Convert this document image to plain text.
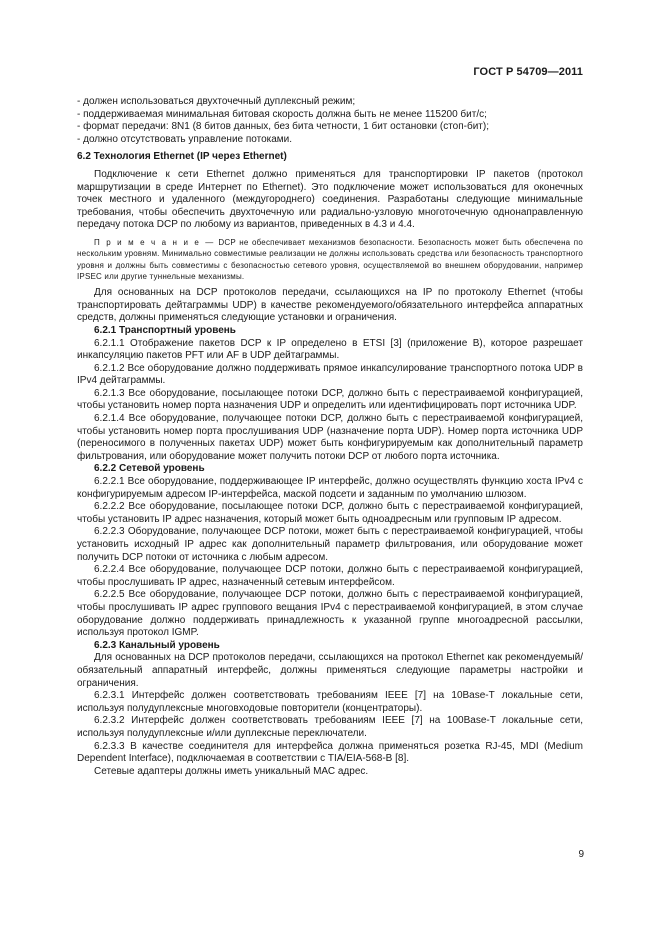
ГОСТ Р 54709—2011

- должен использоваться двухточечный дуплексный режим;

- поддерживаемая минимальная битовая скорость должна быть не менее 115200 бит/с;

- формат передачи: 8N1 (8 битов данных, без бита четности, 1 бит остановки (стоп-бит);

- должно отсутствовать управление потоками.

6.2 Технология Ethernet (IP через Ethernet)

Подключение к сети Ethernet должно применяться для транспортировки IP пакетов (протокол маршрутизации в среде Интернет по Ethernet). Это подключение может использоваться для оконечных точек местного и удаленного (междугороднего) соединения. Разработаны следующие минимальные требования, чтобы обеспечить двухточечную или радиально-узловую многоточечную однонаправленную передачу потока DCP по любому из вариантов, приведенных в 4.3 и 4.4.

П р и м е ч а н и е — DCP не обеспечивает механизмов безопасности. Безопасность может быть обеспечена по нескольким уровням. Минимально совместимые реализации не должны использовать средства или безопасность транспортного уровня и должны быть совместимы с безопасностью сетевого уровня, осуществляемой во внешнем оборудовании, например IPSEC или другие туннельные механизмы.

Для основанных на DCP протоколов передачи, ссылающихся на IP по протоколу Ethernet (чтобы транспортировать дейтаграммы UDP) в качестве рекомендуемого/обязательного интерфейса аппаратных средств, должны применяться следующие установки и ограничения.

6.2.1 Транспортный уровень

6.2.1.1 Отображение пакетов DCP к IP определено в ETSI [3] (приложение B), которое разрешает инкапсуляцию пакетов PFT или AF в UDP дейтаграммы.

6.2.1.2 Все оборудование должно поддерживать прямое инкапсулирование транспортного потока UDP в IPv4 дейтаграммы.

6.2.1.3 Все оборудование, посылающее потоки DCP, должно быть с перестраиваемой конфигурацией, чтобы установить номер порта назначения UDP и определить или идентифицировать порт источника UDP.

6.2.1.4 Все оборудование, получающее потоки DCP, должно быть с перестраиваемой конфигурацией, чтобы установить номер порта прослушивания UDP (назначение порта UDP). Номер порта источника UDP (переносимого в полученных пакетах UDP) может быть конфигурируемым как дополнительный параметр фильтрования, или оборудование может получить потоки DCP от любого порта источника.

6.2.2 Сетевой уровень

6.2.2.1 Все оборудование, поддерживающее IP интерфейс, должно осуществлять функцию хоста IPv4 с конфигурируемым адресом IP-интерфейса, маской подсети и заданным по умолчанию шлюзом.

6.2.2.2 Все оборудование, посылающее потоки DCP, должно быть с перестраиваемой конфигурацией, чтобы установить IP адрес назначения, который может быть одноадресным или групповым IP адресом.

6.2.2.3 Оборудование, получающее DCP потоки, может быть с перестраиваемой конфигурацией, чтобы установить исходный IP адрес как дополнительный параметр фильтрования, или оборудование может получить DCP потоки от источника с любым адресом.

6.2.2.4 Все оборудование, получающее DCP потоки, должно быть с перестраиваемой конфигурацией, чтобы прослушивать IP адрес, назначенный сетевым интерфейсом.

6.2.2.5 Все оборудование, получающее DCP потоки, должно быть с перестраиваемой конфигурацией, чтобы прослушивать IP адрес группового вещания IPv4 с перестраиваемой конфигурацией, в этом случае оборудование должно поддерживать принадлежность к указанной группе многоадресной рассылки, используя протокол IGMP.

6.2.3 Канальный уровень

Для основанных на DCP протоколов передачи, ссылающихся на протокол Ethernet как рекомендуемый/обязательный аппаратный интерфейс, должны применяться следующие параметры настройки и ограничения.

6.2.3.1 Интерфейс должен соответствовать требованиям IEEE [7] на 10Base-T локальные сети, используя полудуплексные многовходовые повторители (концентраторы).

6.2.3.2 Интерфейс должен соответствовать требованиям IEEE [7] на 100Base-T локальные сети, используя полудуплексные и/или дуплексные переключатели.

6.2.3.3 В качестве соединителя для интерфейса должна применяться розетка RJ-45, MDI (Medium Dependent Interface), подключаемая в соответствии с TIA/EIA-568-B [8].

Сетевые адаптеры должны иметь уникальный МАС адрес.

9
